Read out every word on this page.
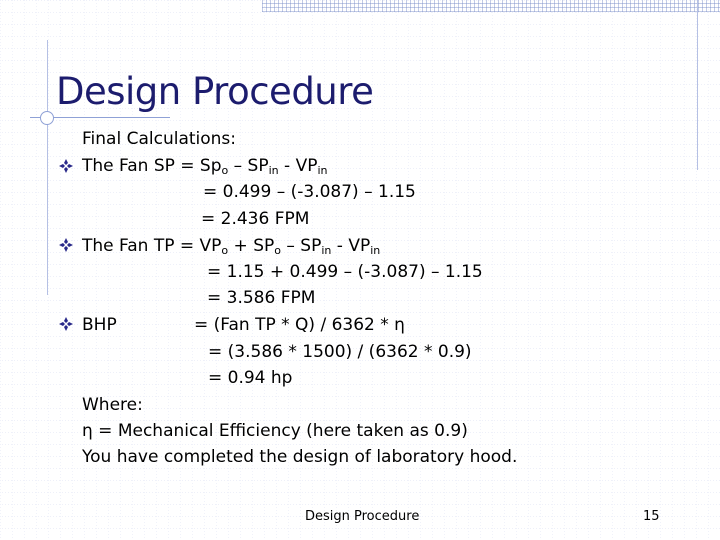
Design Procedure
Final Calculations:
The Fan SP = $Sp_o - SP_{in} - VP_{in}$
= 0.499 – (-3.087) – 1.15
= 2.436 FPM
The Fan TP = $VP_o + SP_o - SP_{in} - VP_{in}$
= 1.15 + 0.499 – (-3.087) – 1.15
= 3.586 FPM
BHP	= (Fan TP * Q) / 6362 * η
= (3.586 * 1500) / (6362 * 0.9)
= 0.94 hp
Where:
η = Mechanical Efficiency (here taken as 0.9)
You have completed the design of laboratory hood.
Design Procedure	15
